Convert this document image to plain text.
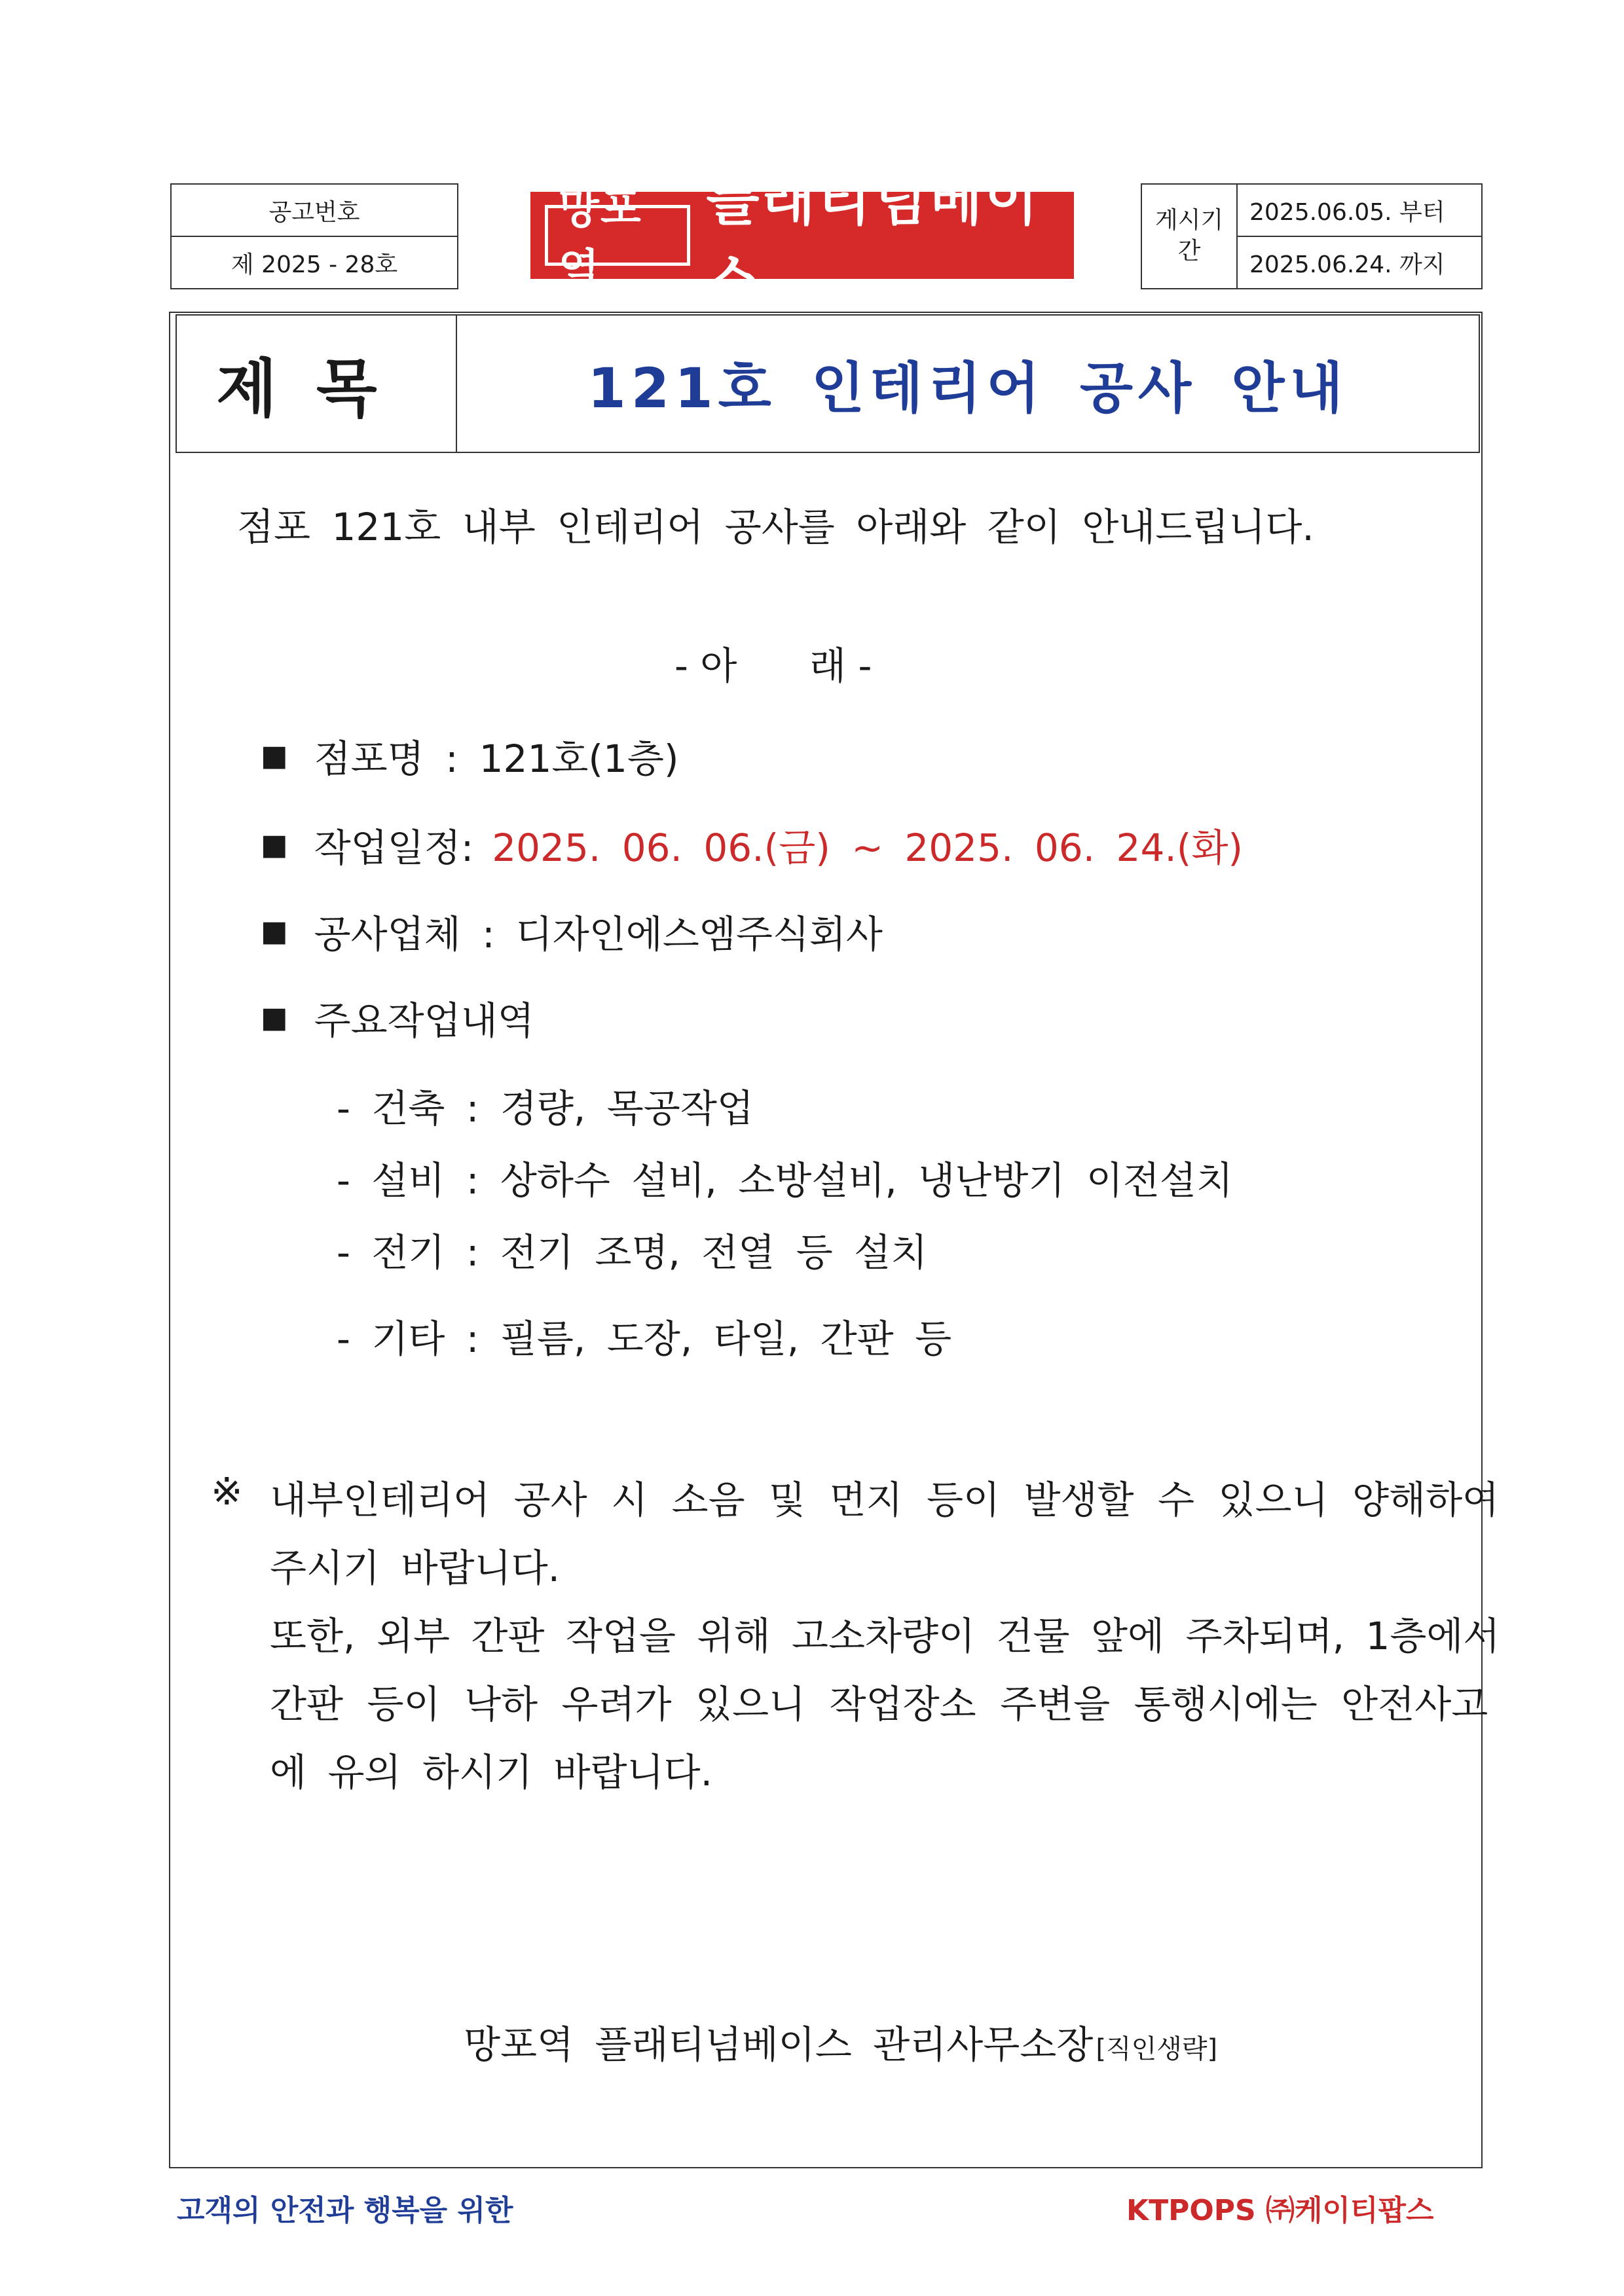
공고번호
제 2025 - 28호
망포역
플래티넘베이스
게시기
간
2025.06.05. 부터
2025.06.24. 까지
제목	121호 인테리어 공사 안내
점포 121호 내부 인테리어 공사를 아래와 같이 안내드립니다.
- 아      래 -
■ 점포명 : 121호(1층)
■ 작업일정: 2025. 06. 06.(금) ~ 2025. 06. 24.(화)
■ 공사업체 : 디자인에스엠주식회사
■ 주요작업내역
- 건축 : 경량, 목공작업
- 설비 : 상하수 설비, 소방설비, 냉난방기 이전설치
- 전기 : 전기 조명, 전열 등 설치
- 기타 : 필름, 도장, 타일, 간판 등
※ 내부인테리어 공사 시 소음 및 먼지 등이 발생할 수 있으니 양해하여
주시기 바랍니다.
또한, 외부 간판 작업을 위해 고소차량이 건물 앞에 주차되며, 1층에서
간판 등이 낙하 우려가 있으니 작업장소 주변을 통행시에는 안전사고
에 유의 하시기 바랍니다.
망포역 플래티넘베이스 관리사무소장 [직인생략]
고객의 안전과 행복을 위한	KTPOPS ㈜케이티팝스
